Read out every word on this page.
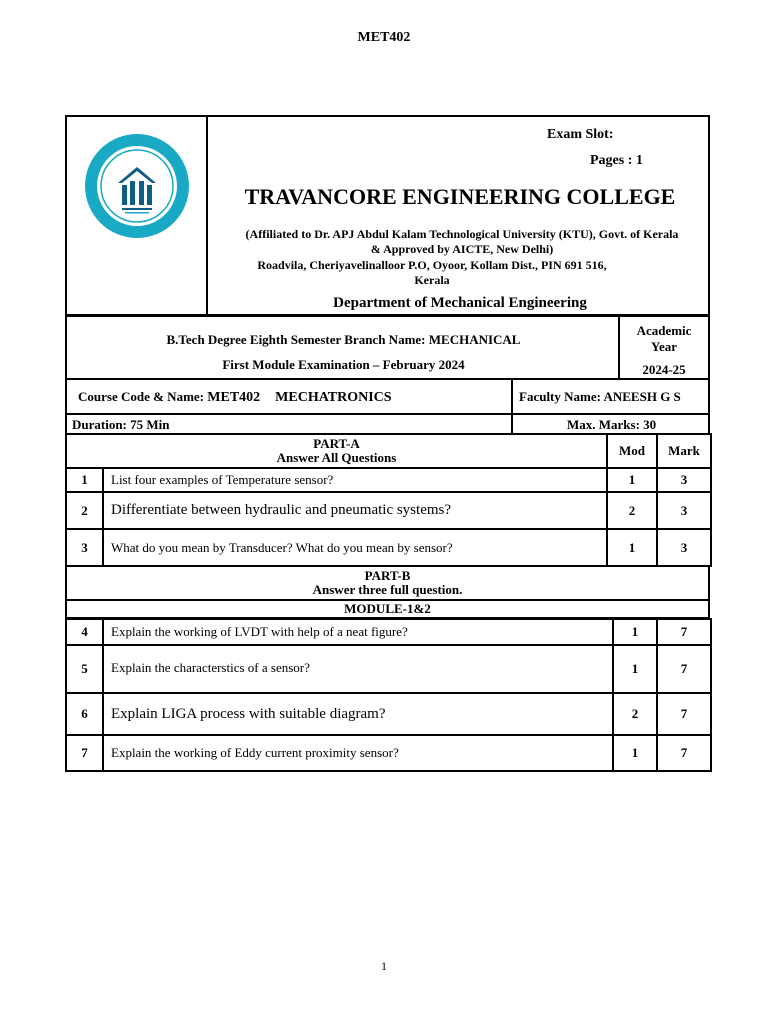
MET402
Exam Slot:
Pages : 1
TRAVANCORE ENGINEERING COLLEGE
(Affiliated to Dr. APJ Abdul Kalam Technological University (KTU), Govt. of Kerala
& Approved by AICTE, New Delhi)
Roadvila, Cheriyavelinalloor P.O, Oyoor, Kollam Dist., PIN 691 516,
Kerala
Department of Mechanical Engineering
B.Tech Degree Eighth Semester Branch Name: MECHANICAL
First Module Examination – February 2024
Academic
Year
2024-25
Course Code & Name: MET402 MECHATRONICS	Faculty Name: ANEESH G S
Duration: 75 Min	Max. Marks: 30
PART-A
Answer All Questions		Mod	Mark
1	List four examples of Temperature sensor?	1	3
2	Differentiate between hydraulic and pneumatic systems?	2	3
3	What do you mean by Transducer? What do you mean by sensor?	1	3
PART-B
Answer three full question.

MODULE-1&2
4	Explain the working of LVDT with help of a neat figure?	1	7
5	Explain the characterstics of a sensor?	1	7
6	Explain LIGA process with suitable diagram?	2	7
7	Explain the working of Eddy current proximity sensor?	1	7
1
